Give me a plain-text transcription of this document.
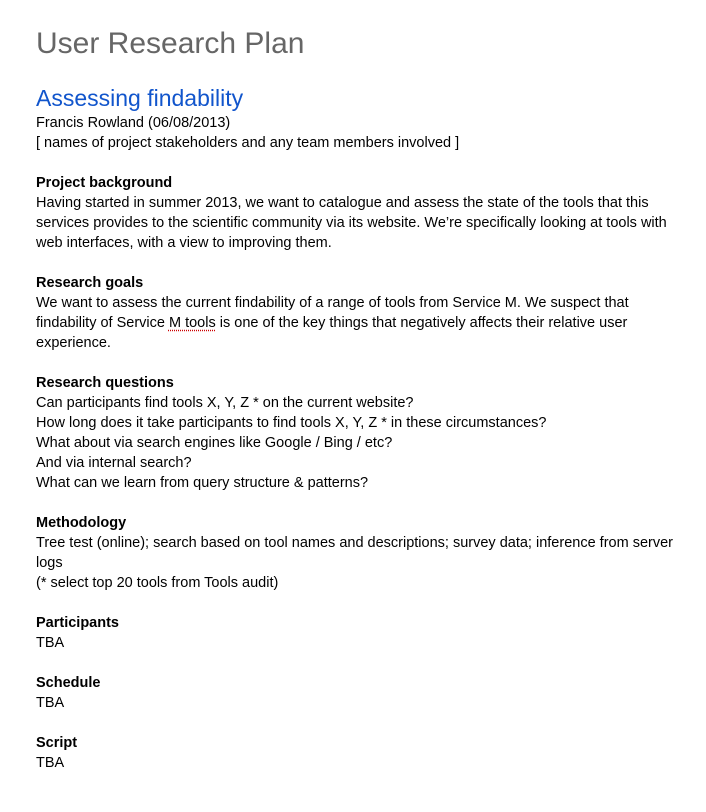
User Research Plan
Assessing findability

Francis Rowland (06/08/2013)

[ names of project stakeholders and any team members involved ]

Project background

Having started in summer 2013, we want to catalogue and assess the state of the tools that this services provides to the scientific community via its website. We’re specifically looking at tools with web interfaces, with a view to improving them.

Research goals

We want to assess the current findability of a range of tools from Service M. We suspect that findability of Service M tools is one of the key things that negatively affects their relative user experience.

Research questions

Can participants find tools X, Y, Z * on the current website?

How long does it take participants to find tools X, Y, Z * in these circumstances?

What about via search engines like Google / Bing / etc?

And via internal search?

What can we learn from query structure & patterns?

Methodology

Tree test (online); search based on tool names and descriptions; survey data; inference from server logs

(* select top 20 tools from Tools audit)

Participants

TBA

Schedule

TBA

Script

TBA
